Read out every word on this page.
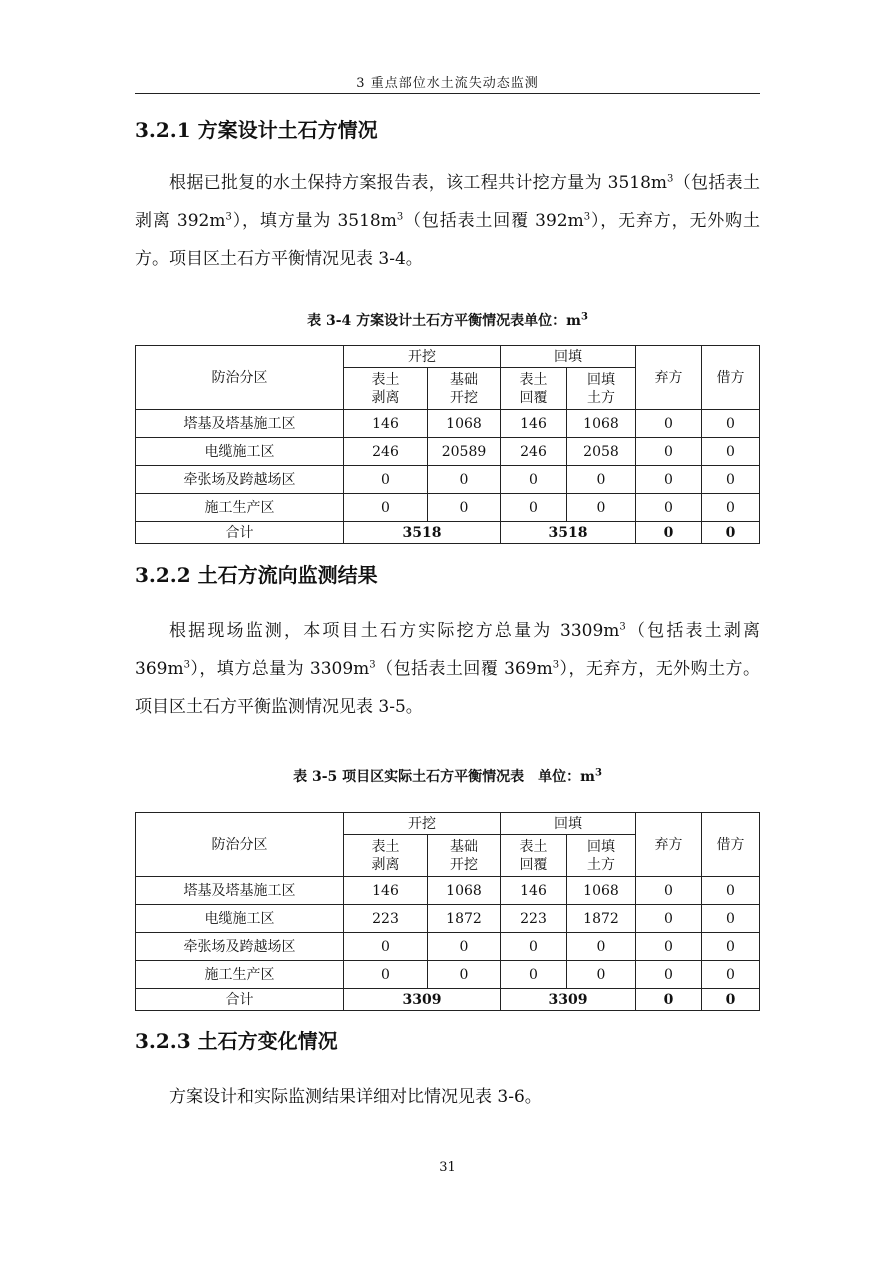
3 重点部位水土流失动态监测
3.2.1 方案设计土石方情况
根据已批复的水土保持方案报告表，该工程共计挖方量为 $3518m^3$（包括表土剥离 $392m^3$），填方量为 $3518m^3$（包括表土回覆 $392m^3$），无弃方，无外购土方。项目区土石方平衡情况见表 3-4。
表 3-4 方案设计土石方平衡情况表单位：$m^3$
防治分区	开挖		回填		弃方	借方

	表土剥离	基础开挖	表土回覆	回填土方		

塔基及塔基施工区	146	1068	146	1068	0	0
电缆施工区	246	20589	246	2058	0	0
牵张场及跨越场区	0	0	0	0	0	0
施工生产区	0	0	0	0	0	0
合计	3518		3518		0	0
3.2.2 土石方流向监测结果
根据现场监测，本项目土石方实际挖方总量为 $3309m^3$（包括表土剥离 $369m^3$），填方总量为 $3309m^3$（包括表土回覆 $369m^3$），无弃方，无外购土方。项目区土石方平衡监测情况见表 3-5。
表 3-5 项目区实际土石方平衡情况表　单位：$m^3$
防治分区	开挖		回填		弃方	借方

	表土剥离	基础开挖	表土回覆	回填土方		

塔基及塔基施工区	146	1068	146	1068	0	0
电缆施工区	223	1872	223	1872	0	0
牵张场及跨越场区	0	0	0	0	0	0
施工生产区	0	0	0	0	0	0
合计	3309		3309		0	0
3.2.3 土石方变化情况
方案设计和实际监测结果详细对比情况见表 3-6。
31
